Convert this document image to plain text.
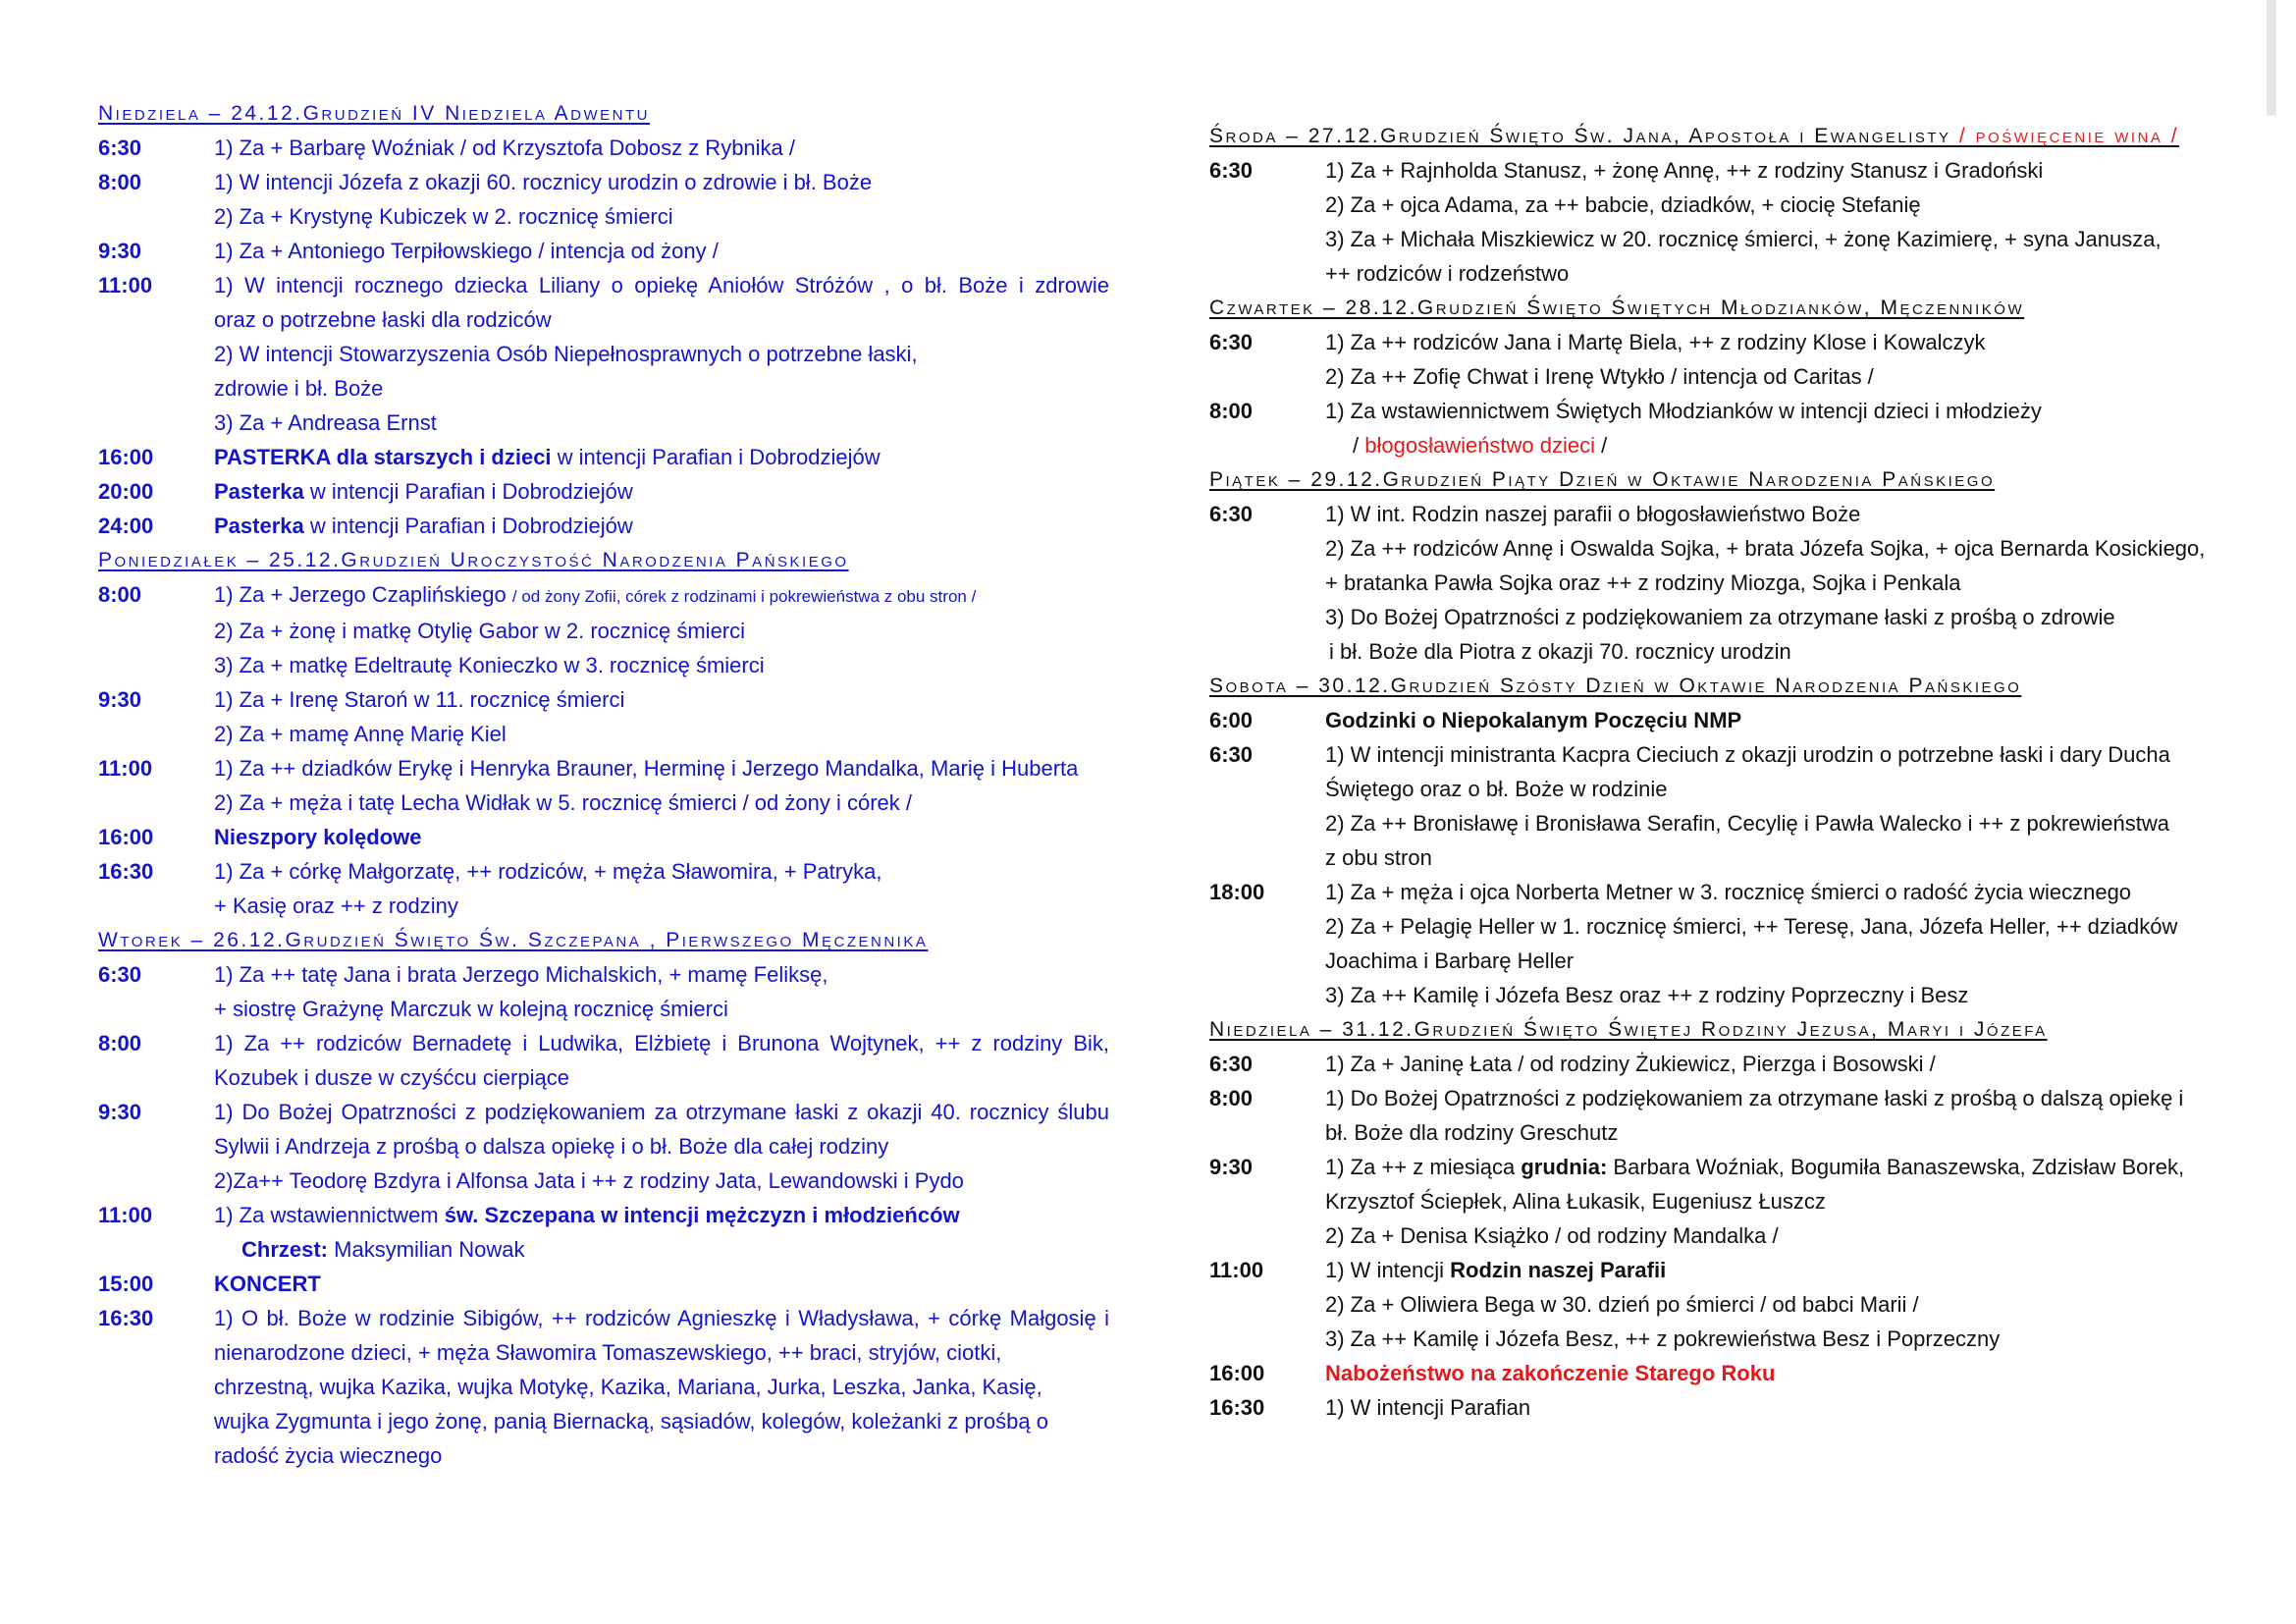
Niedziela – 24.12.Grudzień IV Niedziela Adwentu
6:30	1) Za + Barbarę Woźniak / od Krzysztofa Dobosz z Rybnika /
8:00	1) W intencji Józefa z okazji 60. rocznicy urodzin o zdrowie i bł. Boże
2) Za + Krystynę Kubiczek w 2. rocznicę śmierci
9:30	1) Za + Antoniego Terpiłowskiego / intencja od żony /
11:00	1) W intencji rocznego dziecka Liliany o opiekę Aniołów Stróżów , o bł. Boże i zdrowie
oraz o potrzebne łaski dla rodziców
2) W intencji Stowarzyszenia Osób Niepełnosprawnych o potrzebne łaski,
zdrowie i bł. Boże
3) Za + Andreasa Ernst
16:00	PASTERKA dla starszych i dzieci w intencji Parafian i Dobrodziejów
20:00	Pasterka w intencji Parafian i Dobrodziejów
24:00	Pasterka w intencji Parafian i Dobrodziejów
Poniedziałek – 25.12.Grudzień Uroczystość Narodzenia Pańskiego
8:00	1) Za + Jerzego Czaplińskiego / od żony Zofii, córek z rodzinami i pokrewieństwa z obu stron /
2) Za + żonę i matkę Otylię Gabor w 2. rocznicę śmierci
3) Za + matkę Edeltrautę Konieczko w 3. rocznicę śmierci
9:30	1) Za + Irenę Staroń w 11. rocznicę śmierci
2) Za + mamę Annę Marię Kiel
11:00	1) Za ++ dziadków Erykę i Henryka Brauner, Herminę i Jerzego Mandalka, Marię i Huberta
2) Za + męża i tatę Lecha Widłak w 5. rocznicę śmierci / od żony i córek /
16:00	Nieszpory kolędowe
16:30	1) Za + córkę Małgorzatę, ++ rodziców, + męża Sławomira, + Patryka,
+ Kasię oraz ++ z rodziny
Wtorek – 26.12.Grudzień Święto Św. Szczepana , Pierwszego Męczennika
6:30	1) Za ++ tatę Jana i brata Jerzego Michalskich, + mamę Feliksę,
+ siostrę Grażynę Marczuk w kolejną rocznicę śmierci
8:00	1) Za ++ rodziców Bernadetę i Ludwika, Elżbietę i Brunona Wojtynek, ++ z rodziny Bik,
Kozubek i dusze w czyśćcu cierpiące
9:30	1) Do Bożej Opatrzności z podziękowaniem za otrzymane łaski z okazji 40. rocznicy ślubu
Sylwii i Andrzeja z prośbą o dalsza opiekę i o bł. Boże dla całej rodziny
2)Za++ Teodorę Bzdyra i Alfonsa Jata i ++ z rodziny Jata, Lewandowski i Pydo
11:00	1) Za wstawiennictwem św. Szczepana w intencji mężczyzn i młodzieńców
Chrzest: Maksymilian Nowak
15:00	KONCERT
16:30	1) O bł. Boże w rodzinie Sibigów, ++ rodziców Agnieszkę i Władysława, + córkę Małgosię i
nienarodzone dzieci, + męża Sławomira Tomaszewskiego, ++ braci, stryjów, ciotki,
chrzestną, wujka Kazika, wujka Motykę, Kazika, Mariana, Jurka, Leszka, Janka, Kasię,
wujka Zygmunta i jego żonę, panią Biernacką, sąsiadów, kolegów, koleżanki z prośbą o
radość życia wiecznego
Środa – 27.12.Grudzień Święto Św. Jana, Apostoła i Ewangelisty / poświęcenie wina /
6:30	1) Za + Rajnholda Stanusz, + żonę Annę, ++ z rodziny Stanusz i Gradoński
2) Za + ojca Adama, za ++ babcie, dziadków, + ciocię Stefanię
3) Za + Michała Miszkiewicz w 20. rocznicę śmierci, + żonę Kazimierę, + syna Janusza,
++ rodziców i rodzeństwo
Czwartek – 28.12.Grudzień Święto Świętych Młodzianków, Męczenników
6:30	1) Za ++ rodziców Jana i Martę Biela, ++ z rodziny Klose i Kowalczyk
2) Za ++ Zofię Chwat i Irenę Wtykło / intencja od Caritas /
8:00	1) Za wstawiennictwem Świętych Młodzianków w intencji dzieci i młodzieży
/ błogosławieństwo dzieci /
Piątek – 29.12.Grudzień Piąty Dzień w Oktawie Narodzenia Pańskiego
6:30	1) W int. Rodzin naszej parafii o błogosławieństwo Boże
2) Za ++ rodziców Annę i Oswalda Sojka, + brata Józefa Sojka, + ojca Bernarda Kosickiego,
+ bratanka Pawła Sojka oraz ++ z rodziny Miozga, Sojka i Penkala
3) Do Bożej Opatrzności z podziękowaniem za otrzymane łaski z prośbą o zdrowie
i bł. Boże dla Piotra z okazji 70. rocznicy urodzin
Sobota – 30.12.Grudzień Szósty Dzień w Oktawie Narodzenia Pańskiego
6:00	Godzinki o Niepokalanym Poczęciu NMP
6:30	1) W intencji ministranta Kacpra Cieciuch z okazji urodzin o potrzebne łaski i dary Ducha
Świętego oraz o bł. Boże w rodzinie
2) Za ++ Bronisławę i Bronisława Serafin, Cecylię i Pawła Walecko i ++ z pokrewieństwa
z obu stron
18:00	1) Za + męża i ojca Norberta Metner w 3. rocznicę śmierci o radość życia wiecznego
2) Za + Pelagię Heller w 1. rocznicę śmierci, ++ Teresę, Jana, Józefa Heller, ++ dziadków
Joachima i Barbarę Heller
3) Za ++ Kamilę i Józefa Besz oraz ++ z rodziny Poprzeczny i Besz
Niedziela – 31.12.Grudzień Święto Świętej Rodziny Jezusa, Maryi i Józefa
6:30	1) Za + Janinę Łata / od rodziny Żukiewicz, Pierzga i Bosowski /
8:00	1) Do Bożej Opatrzności z podziękowaniem za otrzymane łaski z prośbą o dalszą opiekę i
bł. Boże dla rodziny Greschutz
9:30	1) Za ++ z miesiąca grudnia: Barbara Woźniak, Bogumiła Banaszewska, Zdzisław Borek,
Krzysztof Ściepłek, Alina Łukasik, Eugeniusz Łuszcz
2) Za + Denisa Książko / od rodziny Mandalka /
11:00	1) W intencji Rodzin naszej Parafii
2) Za + Oliwiera Bega w 30. dzień po śmierci / od babci Marii /
3) Za ++ Kamilę i Józefa Besz, ++ z pokrewieństwa Besz i Poprzeczny
16:00	Nabożeństwo na zakończenie Starego Roku
16:30	1) W intencji Parafian
